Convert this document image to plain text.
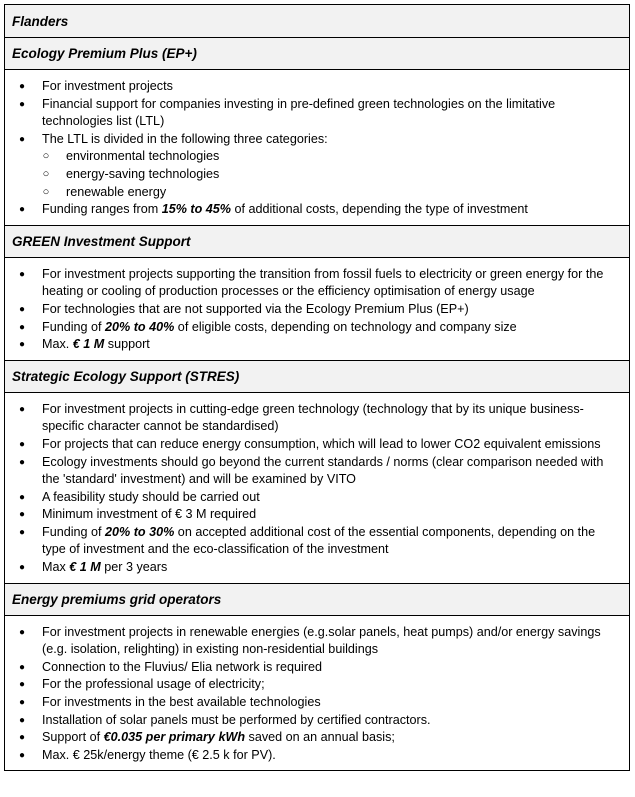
Flanders
Ecology Premium Plus (EP+)
● For investment projects
● Financial support for companies investing in pre-defined green technologies on the limitative technologies list (LTL)
● The LTL is divided in the following three categories:
○ environmental technologies
○ energy-saving technologies
○ renewable energy
● Funding ranges from 15% to 45% of additional costs, depending the type of investment
GREEN Investment Support
● For investment projects supporting the transition from fossil fuels to electricity or green energy for the heating or cooling of production processes or the efficiency optimisation of energy usage
● For technologies that are not supported via the Ecology Premium Plus (EP+)
● Funding of 20% to 40% of eligible costs, depending on technology and company size
● Max. € 1 M support
Strategic Ecology Support (STRES)
● For investment projects in cutting-edge green technology (technology that by its unique business-specific character cannot be standardised)
● For projects that can reduce energy consumption, which will lead to lower CO2 equivalent emissions
● Ecology investments should go beyond the current standards / norms (clear comparison needed with the 'standard' investment) and will be examined by VITO
● A feasibility study should be carried out
● Minimum investment of € 3 M required
● Funding of 20% to 30% on accepted additional cost of the essential components, depending on the type of investment and the eco-classification of the investment
● Max € 1 M per 3 years
Energy premiums grid operators
● For investment projects in renewable energies (e.g.solar panels, heat pumps) and/or energy savings (e.g. isolation, relighting) in existing non-residential buildings
● Connection to the Fluvius/ Elia network is required
● For the professional usage of electricity;
● For investments in the best available technologies
● Installation of solar panels must be performed by certified contractors.
● Support of €0.035 per primary kWh saved on an annual basis;
● Max. € 25k/energy theme (€ 2.5 k for PV).
